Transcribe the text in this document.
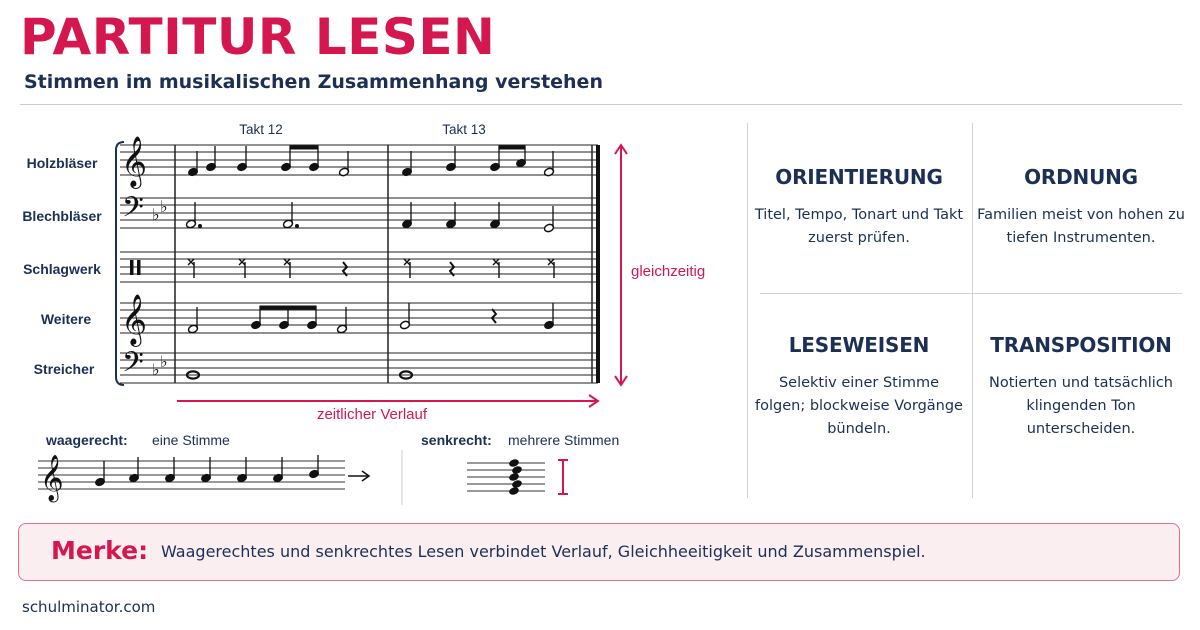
PARTITUR LESEN
Stimmen im musikalischen Zusammenhang verstehen
Takt 12	Takt 13
Holzbläser
Blechbläser
Schlagwerk
Weitere
Streicher
𝄞
𝄢 ♭ ♭
𝄞
𝄢 ♭ ♭
gleichzeitig
zeitlicher Verlauf
waagerecht: eine Stimme	senkrecht: mehrere Stimmen
𝄞
ORIENTIERUNG

Titel, Tempo, Tonart und Takt zuerst prüfen.

ORDNUNG

Familien meist von hohen zu tiefen Instrumenten.

LESEWEISEN

Selektiv einer Stimme folgen; blockweise Vorgänge bündeln.

TRANSPOSITION

Notierten und tatsächlich klingenden Ton unterscheiden.

Merke: Waagerechtes und senkrechtes Lesen verbindet Verlauf, Gleichheeitigkeit und Zusammenspiel.
schulminator.com
